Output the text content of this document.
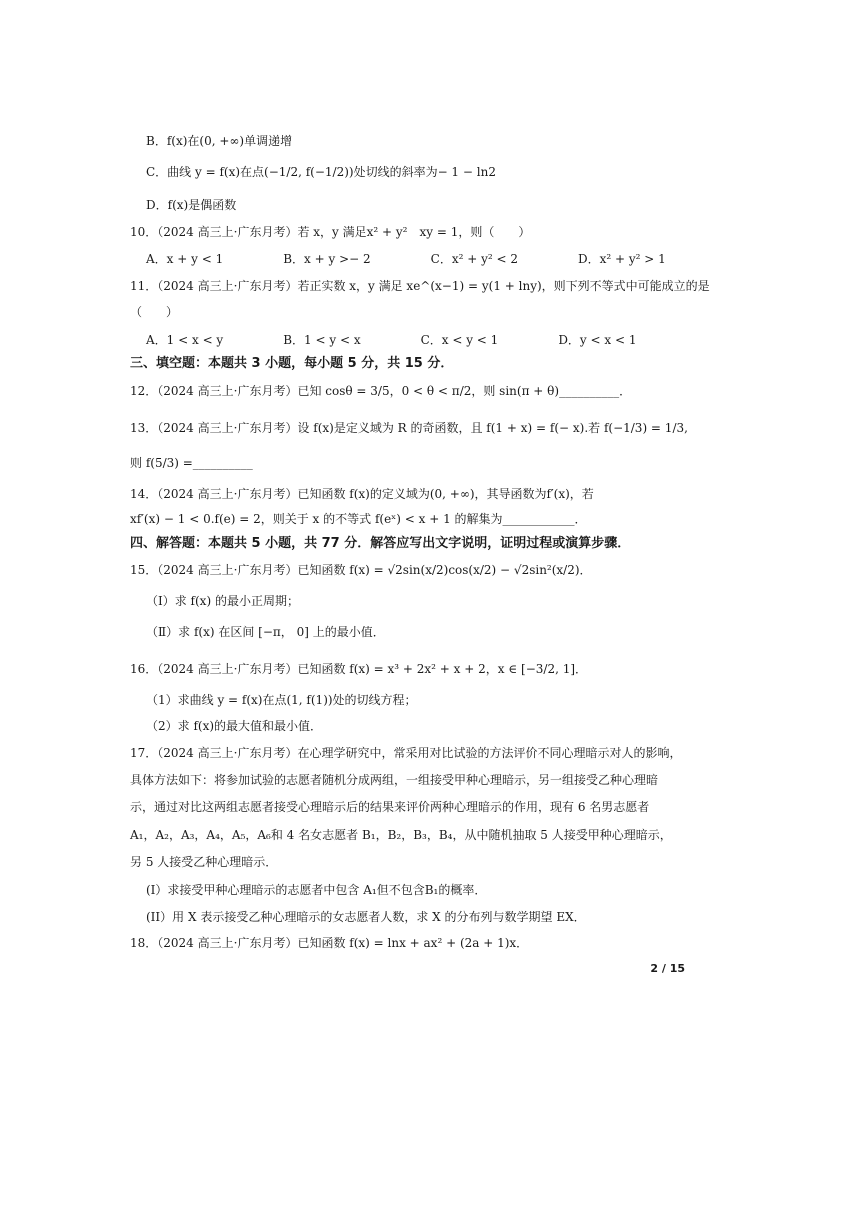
B．f(x)在(0, +∞)单调递增
C．曲线 y = f(x)在点(−1/2, f(−1/2))处切线的斜率为− 1 − ln2
D．f(x)是偶函数
10．（2024 高三上·广东月考）若 x，y 满足x² + y²　xy = 1，则（　　）
A．x + y < 1　　　　　B．x + y >− 2　　　　　C．x² + y² < 2　　　　　D．x² + y² > 1
11．（2024 高三上·广东月考）若正实数 x，y 满足 xe^(x−1) = y(1 + lny)，则下列不等式中可能成立的是
（　　）
A．1 < x < y　　　　　B．1 < y < x　　　　　C．x < y < 1　　　　　D．y < x < 1
三、填空题：本题共 3 小题，每小题 5 分，共 15 分．
12．（2024 高三上·广东月考）已知 cosθ = 3/5，0 < θ < π/2，则 sin(π + θ)__________．
13．（2024 高三上·广东月考）设 f(x)是定义域为 R 的奇函数，且 f(1 + x) = f(− x).若 f(−1/3) = 1/3,
则 f(5/3) =__________
14．（2024 高三上·广东月考）已知函数 f(x)的定义域为(0, +∞)，其导函数为f′(x)，若
xf′(x) − 1 < 0.f(e) = 2，则关于 x 的不等式 f(eˣ) < x + 1 的解集为____________．
四、解答题：本题共 5 小题，共 77 分．解答应写出文字说明，证明过程或演算步骤．
15．（2024 高三上·广东月考）已知函数 f(x) = √2sin(x/2)cos(x/2) − √2sin²(x/2)．
（Ⅰ）求 f(x) 的最小正周期；
（Ⅱ）求 f(x) 在区间 [−π， 0] 上的最小值．
16．（2024 高三上·广东月考）已知函数 f(x) = x³ + 2x² + x + 2，x ∈ [−3/2, 1]．
（1）求曲线 y = f(x)在点(1, f(1))处的切线方程；
（2）求 f(x)的最大值和最小值．
17．（2024 高三上·广东月考）在心理学研究中，常采用对比试验的方法评价不同心理暗示对人的影响，
具体方法如下：将参加试验的志愿者随机分成两组，一组接受甲种心理暗示，另一组接受乙种心理暗
示，通过对比这两组志愿者接受心理暗示后的结果来评价两种心理暗示的作用，现有 6 名男志愿者
A₁，A₂，A₃，A₄，A₅，A₆和 4 名女志愿者 B₁，B₂，B₃，B₄，从中随机抽取 5 人接受甲种心理暗示，
另 5 人接受乙种心理暗示．
(I）求接受甲种心理暗示的志愿者中包含 A₁但不包含B₁的概率．
(II）用 X 表示接受乙种心理暗示的女志愿者人数，求 X 的分布列与数学期望 EX．
18．（2024 高三上·广东月考）已知函数 f(x) = lnx + ax² + (2a + 1)x．
2 / 15
